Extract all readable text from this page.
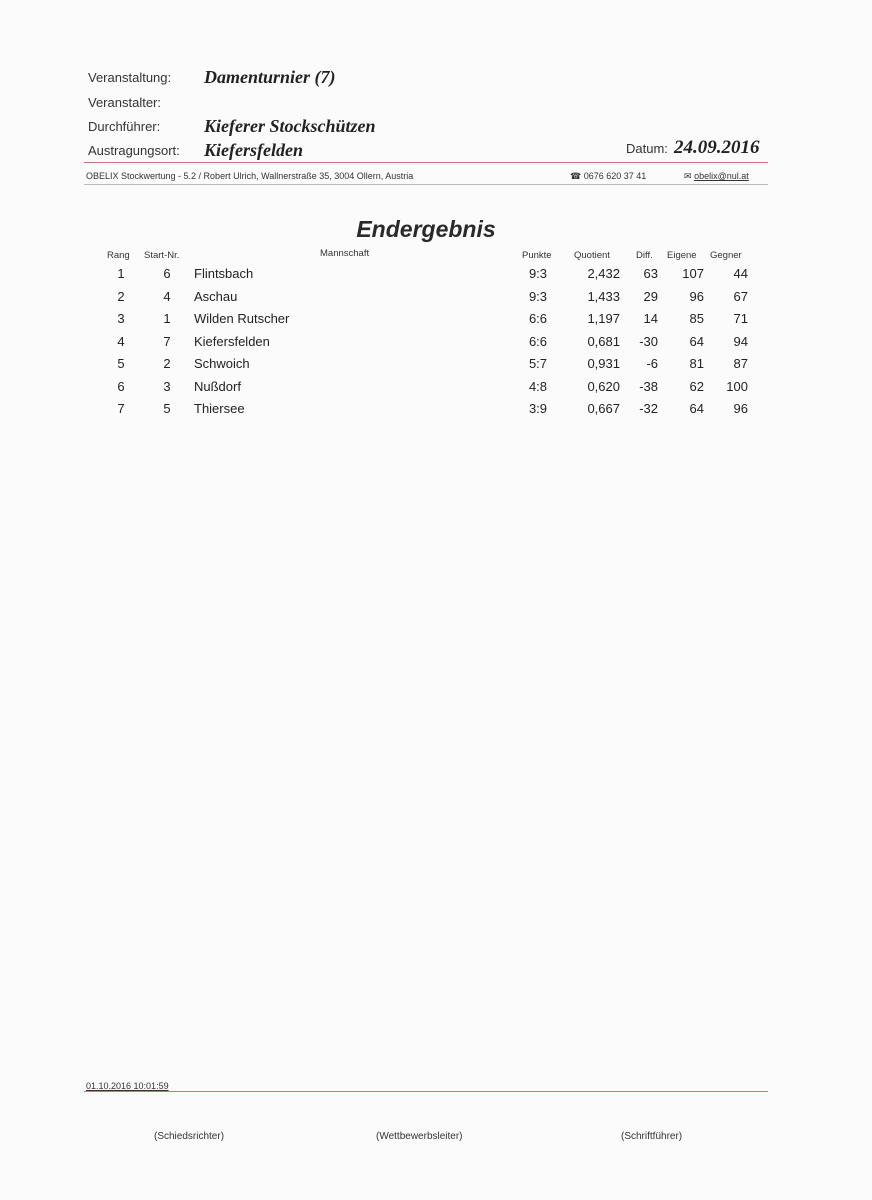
Veranstaltung: Damenturnier (7)
Veranstalter:
Durchführer: Kieferer Stockschützen
Austragungsort: Kiefersfelden	Datum: 24.09.2016
OBELIX Stockwertung - 5.2 / Robert Ulrich, Wallnerstraße 35, 3004 Ollern, Austria	☎ 0676 620 37 41	✉ obelix@nul.at
Endergebnis
Rang Start-Nr.	Mannschaft	Punkte Quotient	Diff. Eigene Gegner
1	6	Flintsbach	9:3	2,432	63	107	44
2	4	Aschau	9:3	1,433	29	96	67
3	1	Wilden Rutscher	6:6	1,197	14	85	71
4	7	Kiefersfelden	6:6	0,681	-30	64	94
5	2	Schwoich	5:7	0,931	-6	81	87
6	3	Nußdorf	4:8	0,620	-38	62	100
7	5	Thiersee	3:9	0,667	-32	64	96
01.10.2016 10:01:59
(Schiedsrichter)	(Wettbewerbsleiter)	(Schriftführer)
